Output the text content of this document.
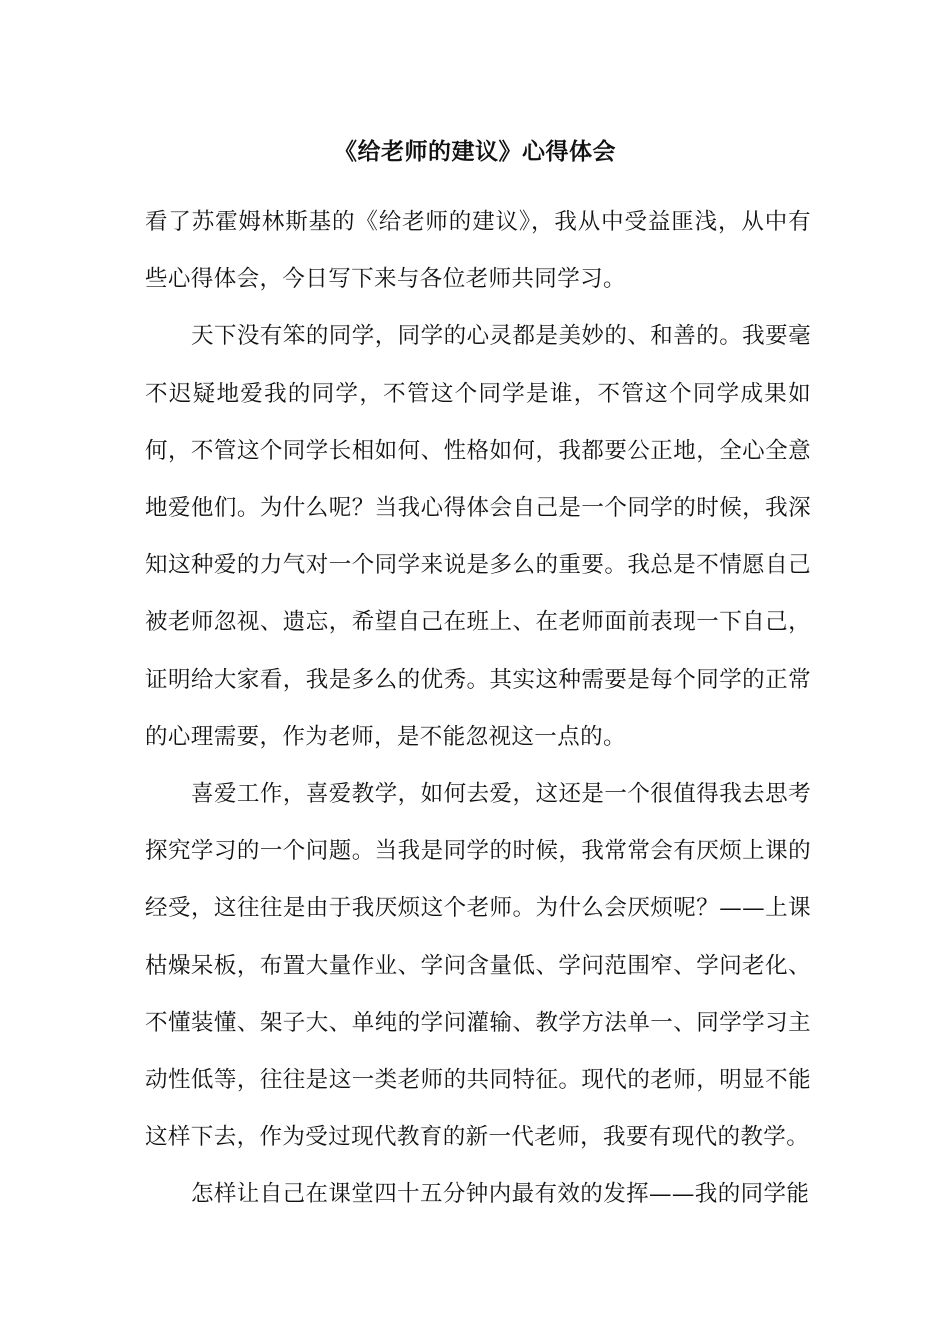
《给老师的建议》心得体会

看了苏霍姆林斯基的《给老师的建议》，我从中受益匪浅，从中有些心得体会，今日写下来与各位老师共同学习。

天下没有笨的同学，同学的心灵都是美妙的、和善的。我要毫不迟疑地爱我的同学，不管这个同学是谁，不管这个同学成果如何，不管这个同学长相如何、性格如何，我都要公正地，全心全意地爱他们。为什么呢？当我心得体会自己是一个同学的时候，我深知这种爱的力气对一个同学来说是多么的重要。我总是不情愿自己被老师忽视、遗忘，希望自己在班上、在老师面前表现一下自己，证明给大家看，我是多么的优秀。其实这种需要是每个同学的正常的心理需要，作为老师，是不能忽视这一点的。

喜爱工作，喜爱教学，如何去爱，这还是一个很值得我去思考探究学习的一个问题。当我是同学的时候，我常常会有厌烦上课的经受，这往往是由于我厌烦这个老师。为什么会厌烦呢？——上课枯燥呆板，布置大量作业、学问含量低、学问范围窄、学问老化、不懂装懂、架子大、单纯的学问灌输、教学方法单一、同学学习主动性低等，往往是这一类老师的共同特征。现代的老师，明显不能这样下去，作为受过现代教育的新一代老师，我要有现代的教学。

怎样让自己在课堂四十五分钟内最有效的发挥——我的同学能
